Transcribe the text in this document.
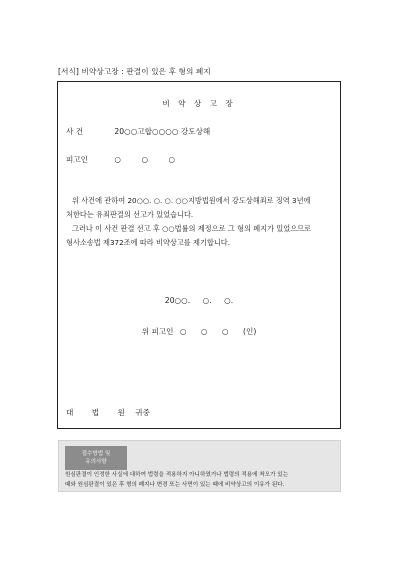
[서식] 비약상고장 : 판결이 있은 후 형의 폐지
비 약 상 고 장
사 건	20○○고합○○○○ 강도상해
피고인	○ ○ ○
위 사건에 관하여 20○○. ○. ○. ○○지방법원에서 강도상해죄로 징역 3년에
처한다는 유죄판결의 선고가 있었습니다.
그러나 이 사건 판결 선고 후 ○○법률의 제정으로 그 형의 폐지가 있었으므로
형사소송법 제372조에 따라 비약상고를 제기합니다.
20○○. ○. ○.
위 피고인 ○ ○ ○ (인)
대 법 원 귀중
접수방법 및
유의사항
원심판결이 인정한 사실에 대하여 법령을 적용하지 아니하였거나 법령의 적용에 착오가 있는
때와 원심판결이 있은 후 형의 폐지나 변경 또는 사면이 있는 때에 비약상고의 이유가 된다.
